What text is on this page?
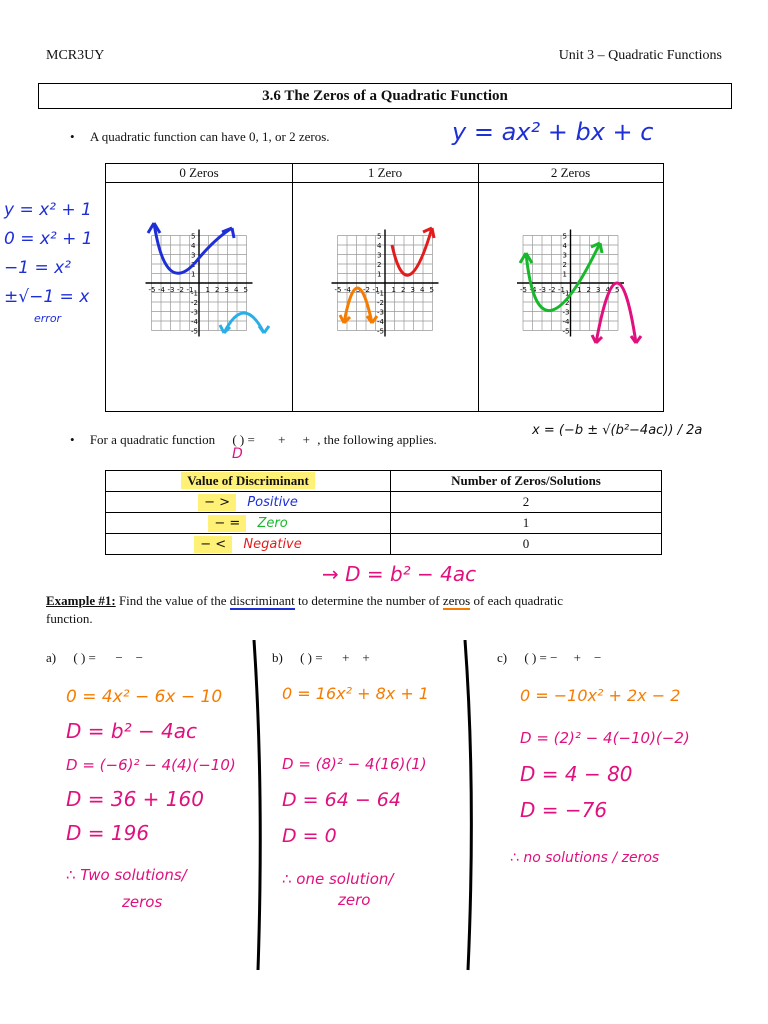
MCR3UY	Unit 3 – Quadratic Functions
3.6 The Zeros of a Quadratic Function
• A quadratic function can have 0, 1, or 2 zeros.	y = ax² + bx + c
y = x² + 1
0 = x² + 1
−1 = x²
±√−1 = x
error
0 Zeros
-5
-5
-4
-4
-3
-3
-2
-2
-1
-1 1
1
2
2
3
3
4
4
5
5
1 Zero
-5
-5
-4
-4
-3
-3
-2
-2
-1
-1 1
1
2
2
3
3
4
4
5
5
2 Zeros
-5
-5
-4
-4
-3
-3
-2
-2
-1
-1 1
1
2
2
3
3
4
4
5
5
• For a quadratic function ( ) = + + , the following applies.
x = (−b ± √(b²−4ac)) / 2a
D
Value of Discriminant	Number of Zeros/Solutions
− > Positive	2
− = Zero	1
− < Negative	0
→ D = b² − 4ac
Example #1: Find the value of the discriminant to determine the number of zeros of each quadratic
function.
a) ( ) =      −    −
0 = 4x² − 6x − 10
D = b² − 4ac
D = (−6)² − 4(4)(−10)
D = 36 + 160
D = 196
∴ Two solutions/
zeros
b) ( ) =      +    +
0 = 16x² + 8x + 1
D = (8)² − 4(16)(1)
D = 64 − 64
D = 0
∴ one solution/
zero
c) ( ) = −     +    −
0 = −10x² + 2x − 2
D = (2)² − 4(−10)(−2)
D = 4 − 80
D = −76
∴ no solutions / zeros
